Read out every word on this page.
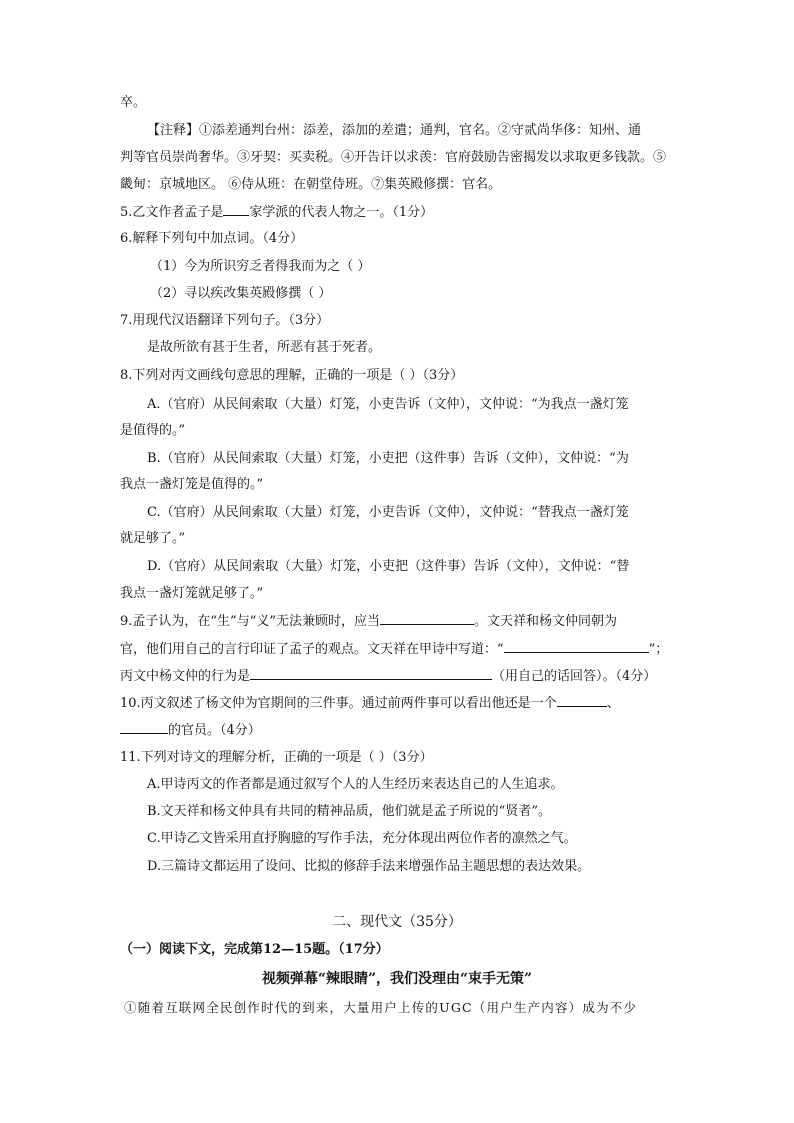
卒。
【注释】①添差通判台州：添差，添加的差遣；通判，官名。②守贰尚华侈：知州、通
判等官员崇尚奢华。③牙契：买卖税。④开告讦以求羡：官府鼓励告密揭发以求取更多钱款。⑤
畿甸：京城地区。 ⑥侍从班：在朝堂侍班。⑦集英殿修撰：官名。
5.乙文作者孟子是 家学派的代表人物之一。（1分）
6.解释下列句中加点词。（4分）
（1）今为所识穷乏者得我而为之（ ）
（2）寻以疾改集英殿修撰（ ）
7.用现代汉语翻译下列句子。（3分）
是故所欲有甚于生者，所恶有甚于死者。
8.下列对丙文画线句意思的理解，正确的一项是（ ）（3分）
A.（官府）从民间索取（大量）灯笼，小吏告诉（文仲），文仲说：“为我点一盏灯笼
是值得的。”
B.（官府）从民间索取（大量）灯笼，小吏把（这件事）告诉（文仲），文仲说：“为
我点一盏灯笼是值得的。”
C.（官府）从民间索取（大量）灯笼，小吏告诉（文仲），文仲说：“替我点一盏灯笼
就足够了。”
D.（官府）从民间索取（大量）灯笼，小吏把（这件事）告诉（文仲），文仲说：“替
我点一盏灯笼就足够了。”
9.孟子认为，在“生”与“义”无法兼顾时，应当	。文天祥和杨文仲同朝为
官，他们用自己的言行印证了孟子的观点。文天祥在甲诗中写道：“	”；
丙文中杨文仲的行为是	（用自己的话回答）。（4分）
10.丙文叙述了杨文仲为官期间的三件事。通过前两件事可以看出他还是一个	、
的官员。（4分）
11.下列对诗文的理解分析，正确的一项是（ ）（3分）
A.甲诗丙文的作者都是通过叙写个人的人生经历来表达自己的人生追求。
B.文天祥和杨文仲具有共同的精神品质，他们就是孟子所说的“贤者”。
C.甲诗乙文皆采用直抒胸臆的写作手法，充分体现出两位作者的凛然之气。
D.三篇诗文都运用了设问、比拟的修辞手法来增强作品主题思想的表达效果。
二、现代文（35分）
（一）阅读下文，完成第12—15题。（17分）
视频弹幕“辣眼睛”，我们没理由“束手无策”
①随着互联网全民创作时代的到来，大量用户上传的UGC（用户生产内容）成为不少
